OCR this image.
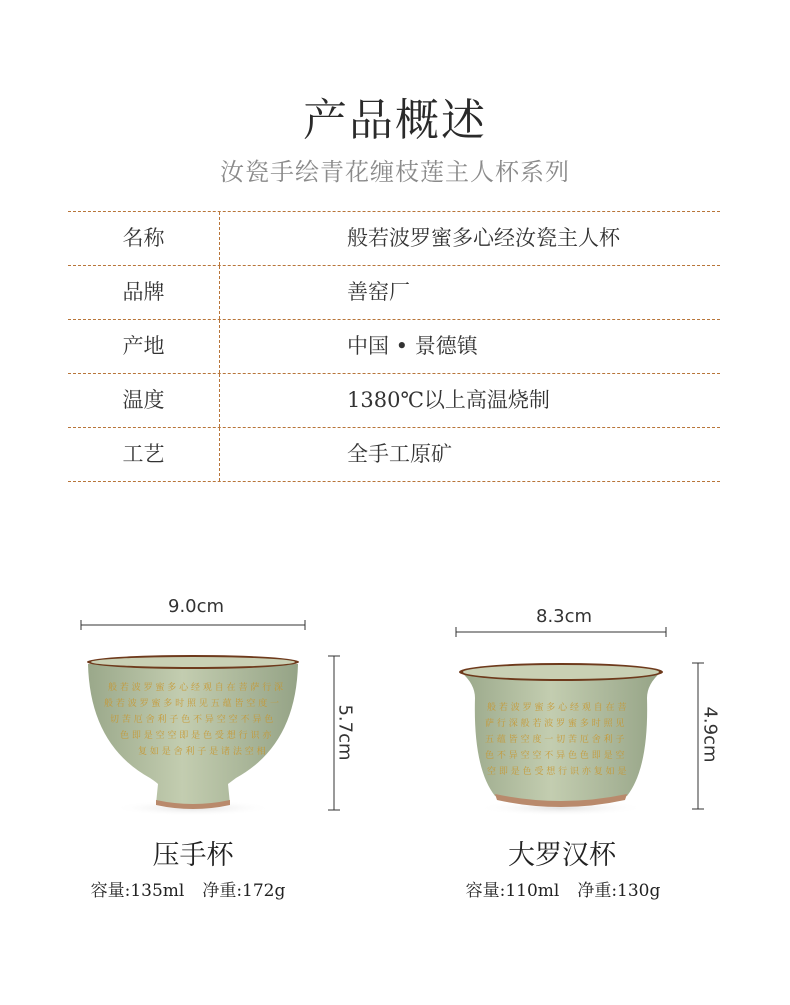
产品概述
汝瓷手绘青花缠枝莲主人杯系列
名称	般若波罗蜜多心经汝瓷主人杯
品牌	善窑厂
产地	中国 • 景德镇
温度	1380℃以上高温烧制
工艺	全手工原矿
9.0cm
般 若 波 罗 蜜 多 心 经 观 自 在 菩 萨 行 深
般 若 波 罗 蜜 多 时 照 见 五 蕴 皆 空 度 一
切 苦 厄 舍 利 子 色 不 异 空 空 不 异 色
色 即 是 空 空 即 是 色 受 想 行 识 亦
复 如 是 舍 利 子 是 诸 法 空 相	5.7cm
压手杯
容量:135ml 净重:172g
8.3cm
般 若 波 罗 蜜 多 心 经 观 自 在 菩
萨 行 深 般 若 波 罗 蜜 多 时 照 见
五 蕴 皆 空 度 一 切 苦 厄 舍 利 子
色 不 异 空 空 不 异 色 色 即 是 空
空 即 是 色 受 想 行 识 亦 复 如 是
4.9cm
大罗汉杯
容量:110ml 净重:130g
